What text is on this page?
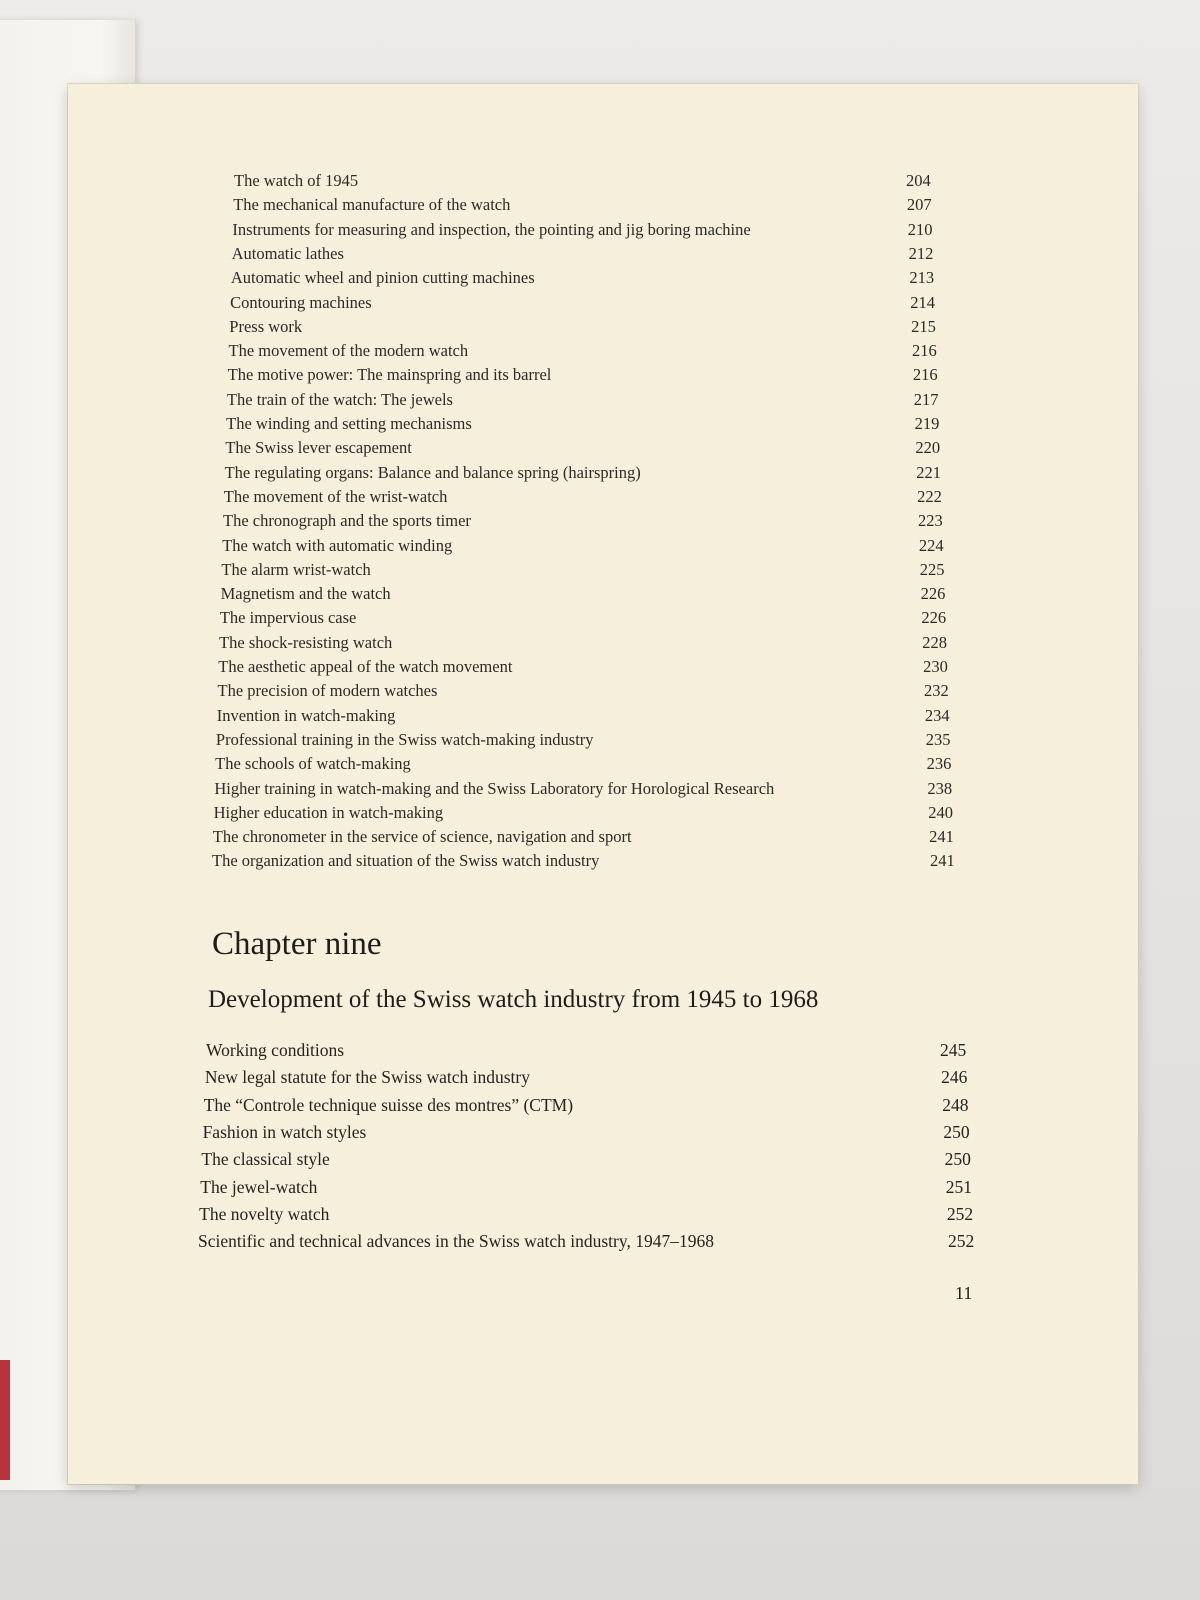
The watch of 1945	204
The mechanical manufacture of the watch	207
Instruments for measuring and inspection, the pointing and jig boring machine	210
Automatic lathes	212
Automatic wheel and pinion cutting machines	213
Contouring machines	214
Press work	215
The movement of the modern watch	216
The motive power: The mainspring and its barrel	216
The train of the watch: The jewels	217
The winding and setting mechanisms	219
The Swiss lever escapement	220
The regulating organs: Balance and balance spring (hairspring)	221
The movement of the wrist-watch	222
The chronograph and the sports timer	223
The watch with automatic winding	224
The alarm wrist-watch	225
Magnetism and the watch	226
The impervious case	226
The shock-resisting watch	228
The aesthetic appeal of the watch movement	230
The precision of modern watches	232
Invention in watch-making	234
Professional training in the Swiss watch-making industry	235
The schools of watch-making	236
Higher training in watch-making and the Swiss Laboratory for Horological Research	238
Higher education in watch-making	240
The chronometer in the service of science, navigation and sport	241
The organization and situation of the Swiss watch industry	241
Chapter nine
Development of the Swiss watch industry from 1945 to 1968
Working conditions	245
New legal statute for the Swiss watch industry	246
The “Controle technique suisse des montres” (CTM)	248
Fashion in watch styles	250
The classical style	250
The jewel-watch	251
The novelty watch	252
Scientific and technical advances in the Swiss watch industry, 1947–1968	252
11
